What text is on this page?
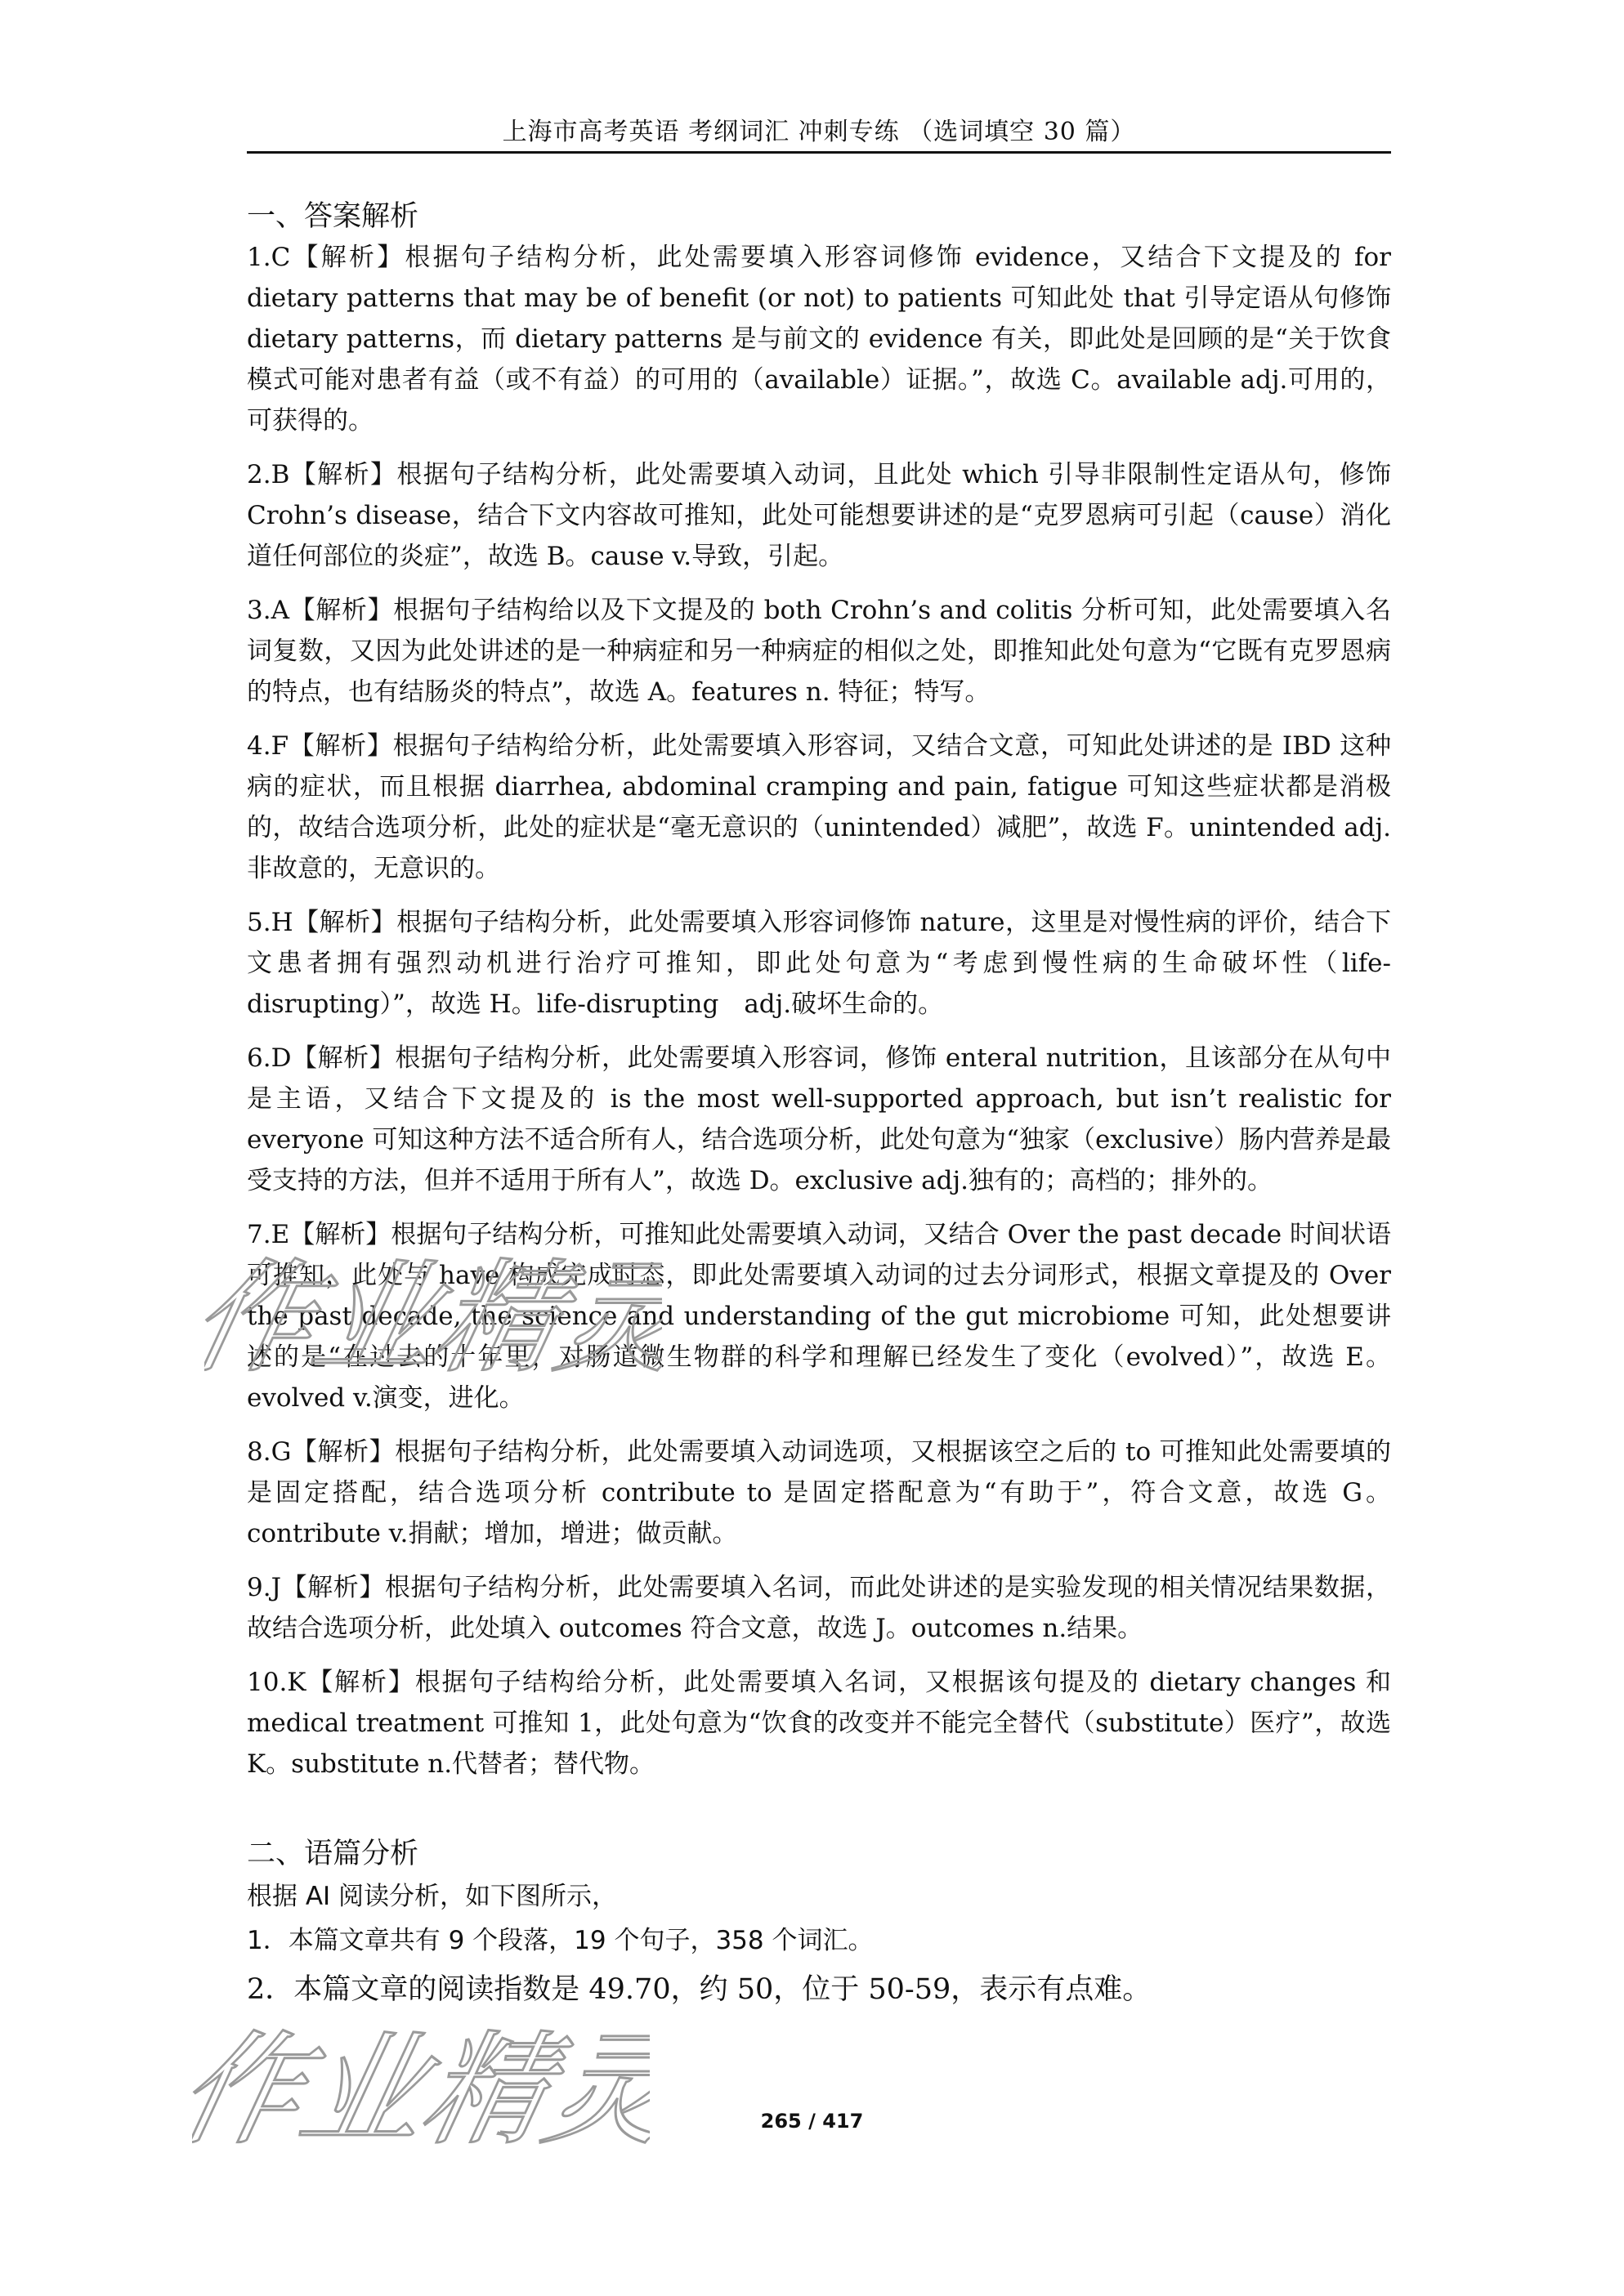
上海市高考英语 考纲词汇 冲刺专练 （选词填空 30 篇）

一、答案解析

1.C【解析】根据句子结构分析，此处需要填入形容词修饰 evidence，又结合下文提及的 for dietary patterns that may be of benefit (or not) to patients 可知此处 that 引导定语从句修饰 dietary patterns，而 dietary patterns 是与前文的 evidence 有关，即此处是回顾的是“关于饮食模式可能对患者有益（或不有益）的可用的（available）证据。”，故选 C。available adj.可用的，可获得的。

2.B【解析】根据句子结构分析，此处需要填入动词，且此处 which 引导非限制性定语从句，修饰 Crohn’s disease，结合下文内容故可推知，此处可能想要讲述的是“克罗恩病可引起（cause）消化道任何部位的炎症”，故选 B。cause v.导致，引起。

3.A【解析】根据句子结构给以及下文提及的 both Crohn’s and colitis 分析可知，此处需要填入名词复数，又因为此处讲述的是一种病症和另一种病症的相似之处，即推知此处句意为“它既有克罗恩病的特点，也有结肠炎的特点”，故选 A。features n. 特征；特写。

4.F【解析】根据句子结构给分析，此处需要填入形容词，又结合文意，可知此处讲述的是 IBD 这种病的症状，而且根据 diarrhea, abdominal cramping and pain, fatigue 可知这些症状都是消极的，故结合选项分析，此处的症状是“毫无意识的（unintended）减肥”，故选 F。unintended adj.非故意的，无意识的。

5.H【解析】根据句子结构分析，此处需要填入形容词修饰 nature，这里是对慢性病的评价，结合下文患者拥有强烈动机进行治疗可推知，即此处句意为“考虑到慢性病的生命破坏性（life-disrupting）”，故选 H。life-disrupting　adj.破坏生命的。

6.D【解析】根据句子结构分析，此处需要填入形容词，修饰 enteral nutrition，且该部分在从句中是主语，又结合下文提及的 is the most well-supported approach, but isn’t realistic for everyone 可知这种方法不适合所有人，结合选项分析，此处句意为“独家（exclusive）肠内营养是最受支持的方法，但并不适用于所有人”，故选 D。exclusive adj.独有的；高档的；排外的。

7.E【解析】根据句子结构分析，可推知此处需要填入动词，又结合 Over the past decade 时间状语可推知，此处与 have 构成完成时态，即此处需要填入动词的过去分词形式，根据文章提及的 Over the past decade, the science and understanding of the gut microbiome 可知，此处想要讲述的是“在过去的十年里，对肠道微生物群的科学和理解已经发生了变化（evolved）”，故选 E。evolved v.演变，进化。

8.G【解析】根据句子结构分析，此处需要填入动词选项，又根据该空之后的 to 可推知此处需要填的是固定搭配，结合选项分析 contribute to 是固定搭配意为“有助于”，符合文意，故选 G。contribute v.捐献；增加，增进；做贡献。

9.J【解析】根据句子结构分析，此处需要填入名词，而此处讲述的是实验发现的相关情况结果数据，故结合选项分析，此处填入 outcomes 符合文意，故选 J。outcomes n.结果。

10.K【解析】根据句子结构给分析，此处需要填入名词，又根据该句提及的 dietary changes 和 medical treatment 可推知 1，此处句意为“饮食的改变并不能完全替代（substitute）医疗”，故选 K。substitute n.代替者；替代物。

二、语篇分析

根据 AI 阅读分析，如下图所示，

1．本篇文章共有 9 个段落，19 个句子，358 个词汇。

2．本篇文章的阅读指数是 49.70，约 50，位于 50-59，表示有点难。

265 / 417
作业精灵
作业精灵
